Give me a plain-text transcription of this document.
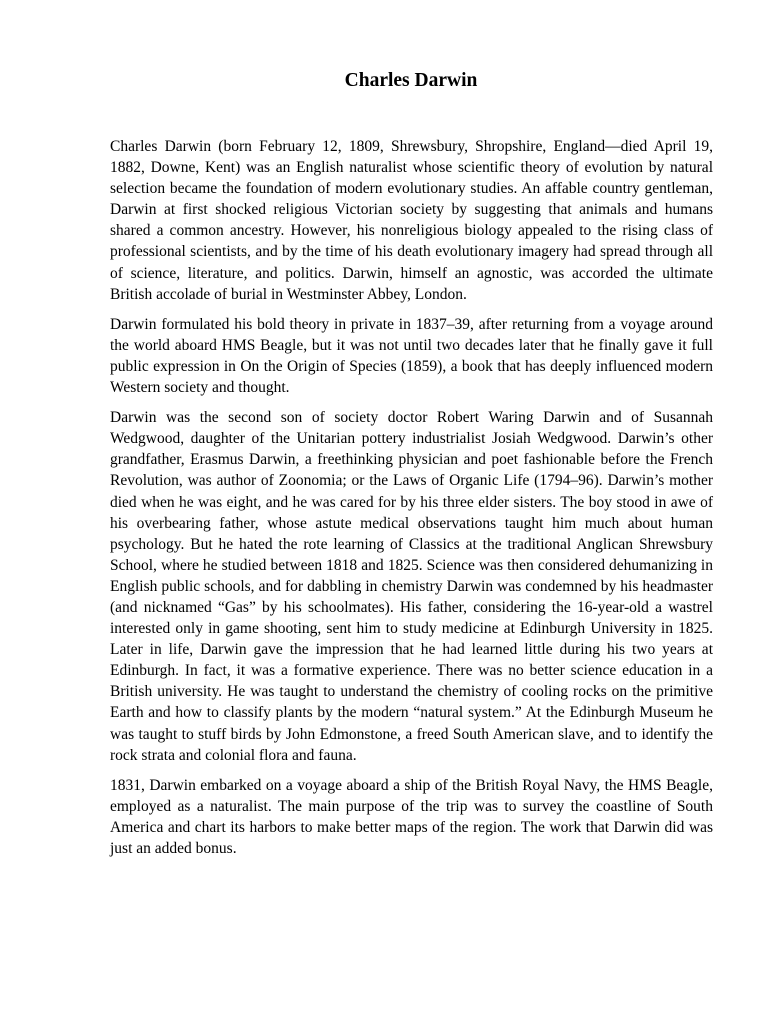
Charles Darwin

Charles Darwin (born February 12, 1809, Shrewsbury, Shropshire, England—died April 19, 1882, Downe, Kent) was an English naturalist whose scientific theory of evolution by natural selection became the foundation of modern evolutionary studies. An affable country gentleman, Darwin at first shocked religious Victorian society by suggesting that animals and humans shared a common ancestry. However, his nonreligious biology appealed to the rising class of professional scientists, and by the time of his death evolutionary imagery had spread through all of science, literature, and politics. Darwin, himself an agnostic, was accorded the ultimate British accolade of burial in Westminster Abbey, London.

Darwin formulated his bold theory in private in 1837–39, after returning from a voyage around the world aboard HMS Beagle, but it was not until two decades later that he finally gave it full public expression in On the Origin of Species (1859), a book that has deeply influenced modern Western society and thought.

Darwin was the second son of society doctor Robert Waring Darwin and of Susannah Wedgwood, daughter of the Unitarian pottery industrialist Josiah Wedgwood. Darwin’s other grandfather, Erasmus Darwin, a freethinking physician and poet fashionable before the French Revolution, was author of Zoonomia; or the Laws of Organic Life (1794–96). Darwin’s mother died when he was eight, and he was cared for by his three elder sisters. The boy stood in awe of his overbearing father, whose astute medical observations taught him much about human psychology. But he hated the rote learning of Classics at the traditional Anglican Shrewsbury School, where he studied between 1818 and 1825. Science was then considered dehumanizing in English public schools, and for dabbling in chemistry Darwin was condemned by his headmaster (and nicknamed “Gas” by his schoolmates). His father, considering the 16-year-old a wastrel interested only in game shooting, sent him to study medicine at Edinburgh University in 1825. Later in life, Darwin gave the impression that he had learned little during his two years at Edinburgh. In fact, it was a formative experience. There was no better science education in a British university. He was taught to understand the chemistry of cooling rocks on the primitive Earth and how to classify plants by the modern “natural system.” At the Edinburgh Museum he was taught to stuff birds by John Edmonstone, a freed South American slave, and to identify the rock strata and colonial flora and fauna.

1831, Darwin embarked on a voyage aboard a ship of the British Royal Navy, the HMS Beagle, employed as a naturalist. The main purpose of the trip was to survey the coastline of South America and chart its harbors to make better maps of the region. The work that Darwin did was just an added bonus.
